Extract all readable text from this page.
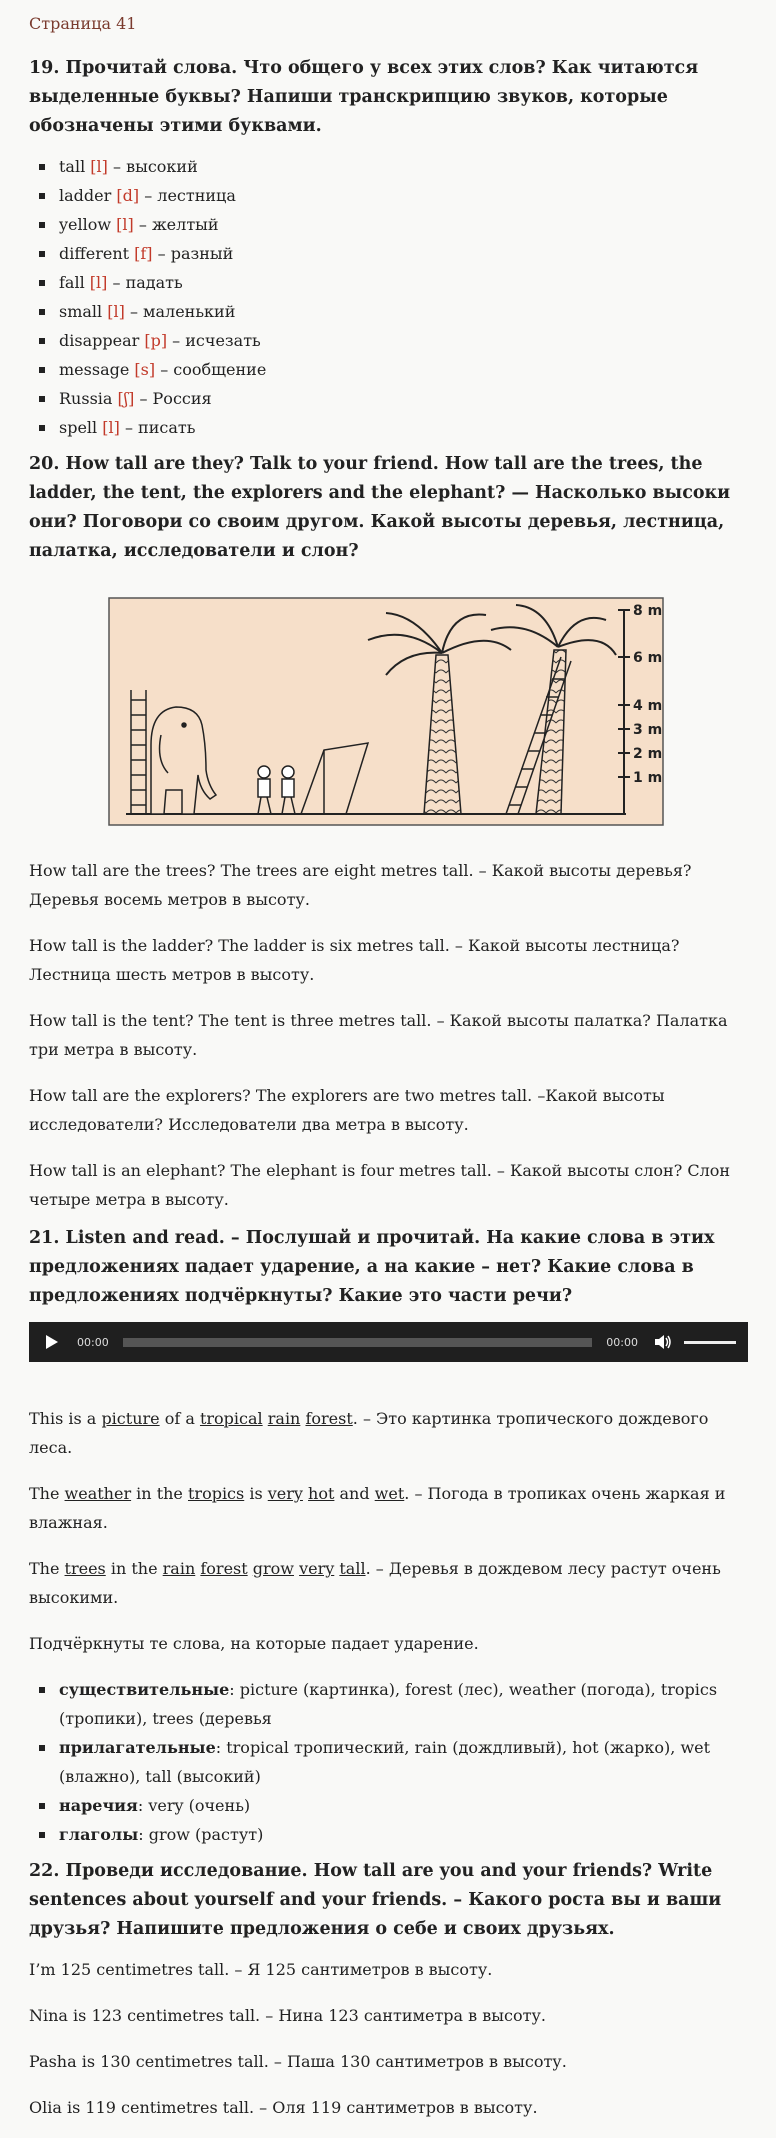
Страница 41
19. Прочитай слова. Что общего у всех этих слов? Как читаются выделенные буквы? Напиши транскрипцию звуков, которые обозначены этими буквами.
tall [l] – высокий
ladder [d] – лестница
yellow [l] – желтый
different [f] – разный
fall [l] – падать
small [l] – маленький
disappear [p] – исчезать
message [s] – сообщение
Russia [ʃ] – Россия
spell [l] – писать
20. How tall are they? Talk to your friend. How tall are the trees, the ladder, the tent, the explorers and the elephant? — Насколько высоки они? Поговори со своим другом. Какой высоты деревья, лестница, палатка, исследователи и слон?
8 m
6 m
4 m
3 m
2 m
1 m

How tall are the trees? The trees are eight metres tall. – Какой высоты деревья? Деревья восемь метров в высоту.

How tall is the ladder? The ladder is six metres tall. – Какой высоты лестница? Лестница шесть метров в высоту.

How tall is the tent? The tent is three metres tall. – Какой высоты палатка? Палатка три метра в высоту.

How tall are the explorers? The explorers are two metres tall. –Какой высоты исследователи? Исследователи два метра в высоту.

How tall is an elephant? The elephant is four metres tall. – Какой высоты слон? Слон четыре метра в высоту.

21. Listen and read. – Послушай и прочитай. На какие слова в этих предложениях падает ударение, а на какие – нет? Какие слова в предложениях подчёркнуты? Какие это части речи?
00:00	00:00

This is a picture of a tropical rain forest. – Это картинка тропического дождевого леса.

The weather in the tropics is very hot and wet. – Погода в тропиках очень жаркая и влажная.

The trees in the rain forest grow very tall. – Деревья в дождевом лесу растут очень высокими.

Подчёркнуты те слова, на которые падает ударение.

существительные: picture (картинка), forest (лес), weather (погода), tropics (тропики), trees (деревья
прилагательные: tropical тропический, rain (дождливый), hot (жарко), wet (влажно), tall (высокий)
наречия: very (очень)
глаголы: grow (растут)
22. Проведи исследование. How tall are you and your friends? Write sentences about yourself and your friends. – Какого роста вы и ваши друзья? Напишите предложения о себе и своих друзьях.

I’m 125 centimetres tall. – Я 125 сантиметров в высоту.

Nina is 123 centimetres tall. – Нина 123 сантиметра в высоту.

Pasha is 130 centimetres tall. – Паша 130 сантиметров в высоту.

Olia is 119 centimetres tall. – Оля 119 сантиметров в высоту.
